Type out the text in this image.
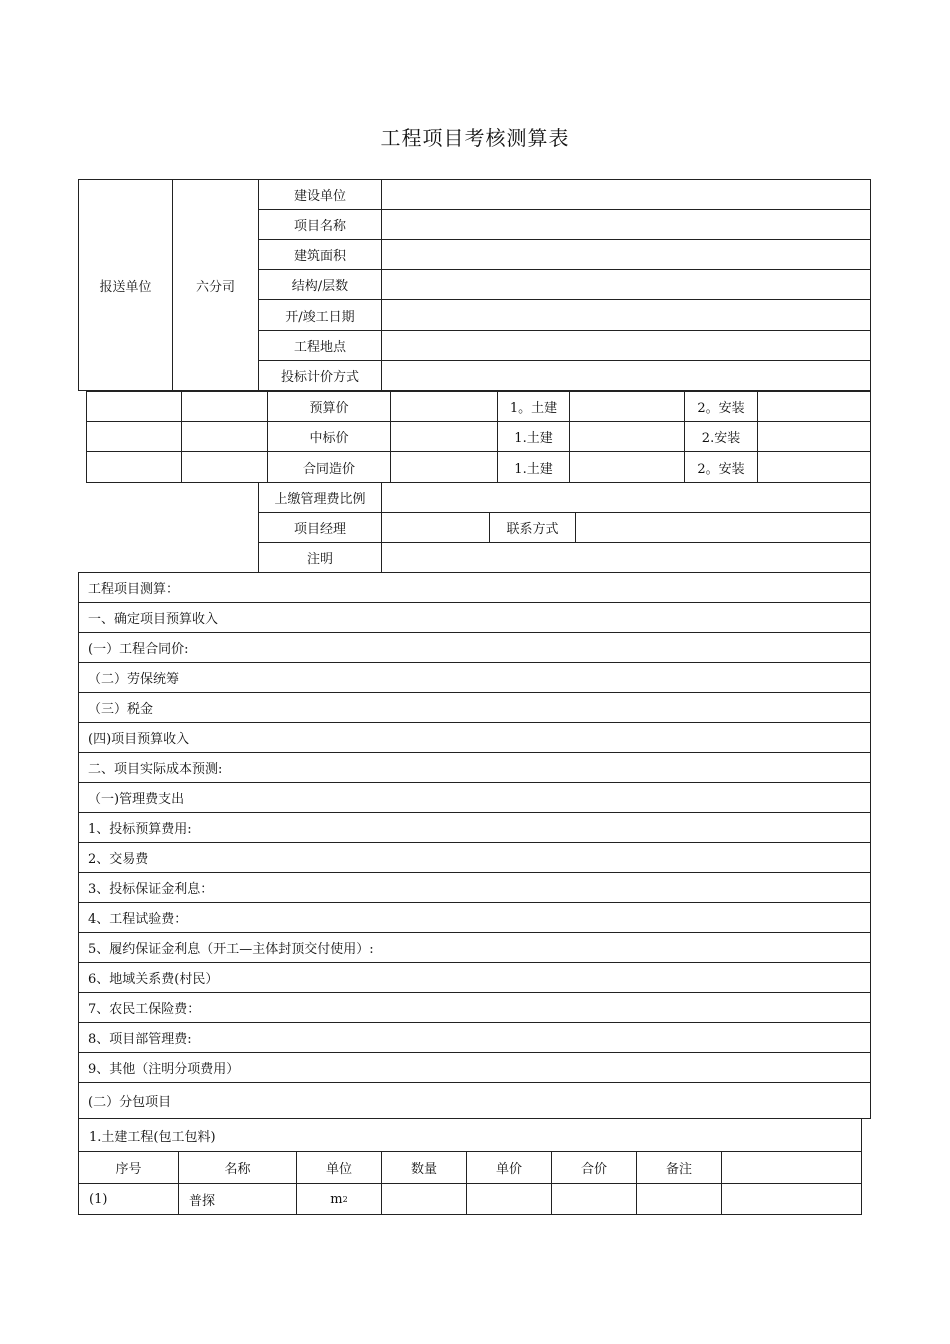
工程项目考核测算表
报送单位	六分司
建设单位
项目名称
建筑面积
结构/层数
开/竣工日期
工程地点
投标计价方式
预算价	1。土建	2。安装
中标价	1.土建	2.安装
合同造价	1.土建	2。安装
上缴管理费比例
项目经理	联系方式
注明
工程项目测算：
一、确定项目预算收入
(一）工程合同价:
（二）劳保统筹
（三）税金
(四)项目预算收入
二、项目实际成本预测:
（一)管理费支出
1、投标预算费用:
2、交易费
3、投标保证金利息：
4、工程试验费：
5、履约保证金利息（开工—主体封顶交付使用）:
6、地域关系费(村民）
7、农民工保险费：
8、项目部管理费:
9、其他（注明分项费用）
(二）分包项目
1.土建工程(包工包料)
序号	名称	单位	数量	单价	合价	备注
(1)	普探	m 2
